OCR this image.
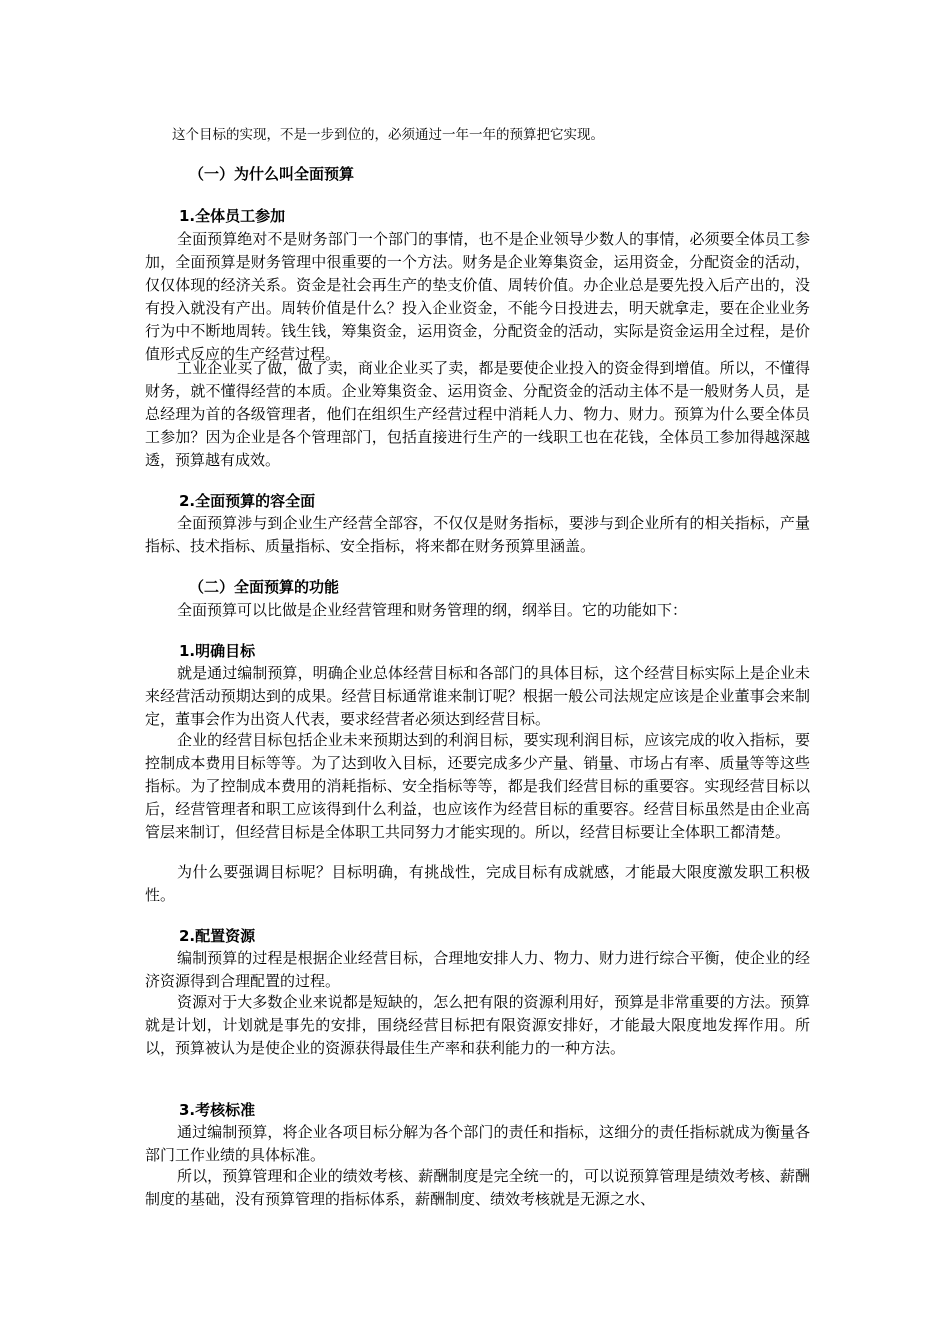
这个目标的实现，不是一步到位的，必须通过一年一年的预算把它实现。
（一）为什么叫全面预算
1.全体员工参加

全面预算绝对不是财务部门一个部门的事情，也不是企业领导少数人的事情，必须要全体员工参加，全面预算是财务管理中很重要的一个方法。财务是企业筹集资金，运用资金，分配资金的活动，仅仅体现的经济关系。资金是社会再生产的垫支价值、周转价值。办企业总是要先投入后产出的，没有投入就没有产出。周转价值是什么？投入企业资金，不能今日投进去，明天就拿走，要在企业业务行为中不断地周转。钱生钱，筹集资金，运用资金，分配资金的活动，实际是资金运用全过程，是价值形式反应的生产经营过程。

工业企业买了做，做了卖，商业企业买了卖，都是要使企业投入的资金得到增值。所以，不懂得财务，就不懂得经营的本质。企业筹集资金、运用资金、分配资金的活动主体不是一般财务人员，是总经理为首的各级管理者，他们在组织生产经营过程中消耗人力、物力、财力。预算为什么要全体员工参加？因为企业是各个管理部门，包括直接进行生产的一线职工也在花钱，全体员工参加得越深越透，预算越有成效。

2.全面预算的容全面

全面预算涉与到企业生产经营全部容，不仅仅是财务指标，要涉与到企业所有的相关指标，产量指标、技术指标、质量指标、安全指标，将来都在财务预算里涵盖。

（二）全面预算的功能

全面预算可以比做是企业经营管理和财务管理的纲，纲举目。它的功能如下：

1.明确目标

就是通过编制预算，明确企业总体经营目标和各部门的具体目标，这个经营目标实际上是企业未来经营活动预期达到的成果。经营目标通常谁来制订呢？根据一般公司法规定应该是企业董事会来制定，董事会作为出资人代表，要求经营者必须达到经营目标。

企业的经营目标包括企业未来预期达到的利润目标，要实现利润目标，应该完成的收入指标，要控制成本费用目标等等。为了达到收入目标，还要完成多少产量、销量、市场占有率、质量等等这些指标。为了控制成本费用的消耗指标、安全指标等等，都是我们经营目标的重要容。实现经营目标以后，经营管理者和职工应该得到什么利益，也应该作为经营目标的重要容。经营目标虽然是由企业高管层来制订，但经营目标是全体职工共同努力才能实现的。所以，经营目标要让全体职工都清楚。

为什么要强调目标呢？目标明确，有挑战性，完成目标有成就感，才能最大限度激发职工积极性。

2.配置资源

编制预算的过程是根据企业经营目标，合理地安排人力、物力、财力进行综合平衡，使企业的经济资源得到合理配置的过程。

资源对于大多数企业来说都是短缺的，怎么把有限的资源利用好，预算是非常重要的方法。预算就是计划，计划就是事先的安排，围绕经营目标把有限资源安排好，才能最大限度地发挥作用。所以，预算被认为是使企业的资源获得最佳生产率和获利能力的一种方法。

3.考核标准

通过编制预算，将企业各项目标分解为各个部门的责任和指标，这细分的责任指标就成为衡量各部门工作业绩的具体标准。

所以，预算管理和企业的绩效考核、薪酬制度是完全统一的，可以说预算管理是绩效考核、薪酬制度的基础，没有预算管理的指标体系，薪酬制度、绩效考核就是无源之水、
